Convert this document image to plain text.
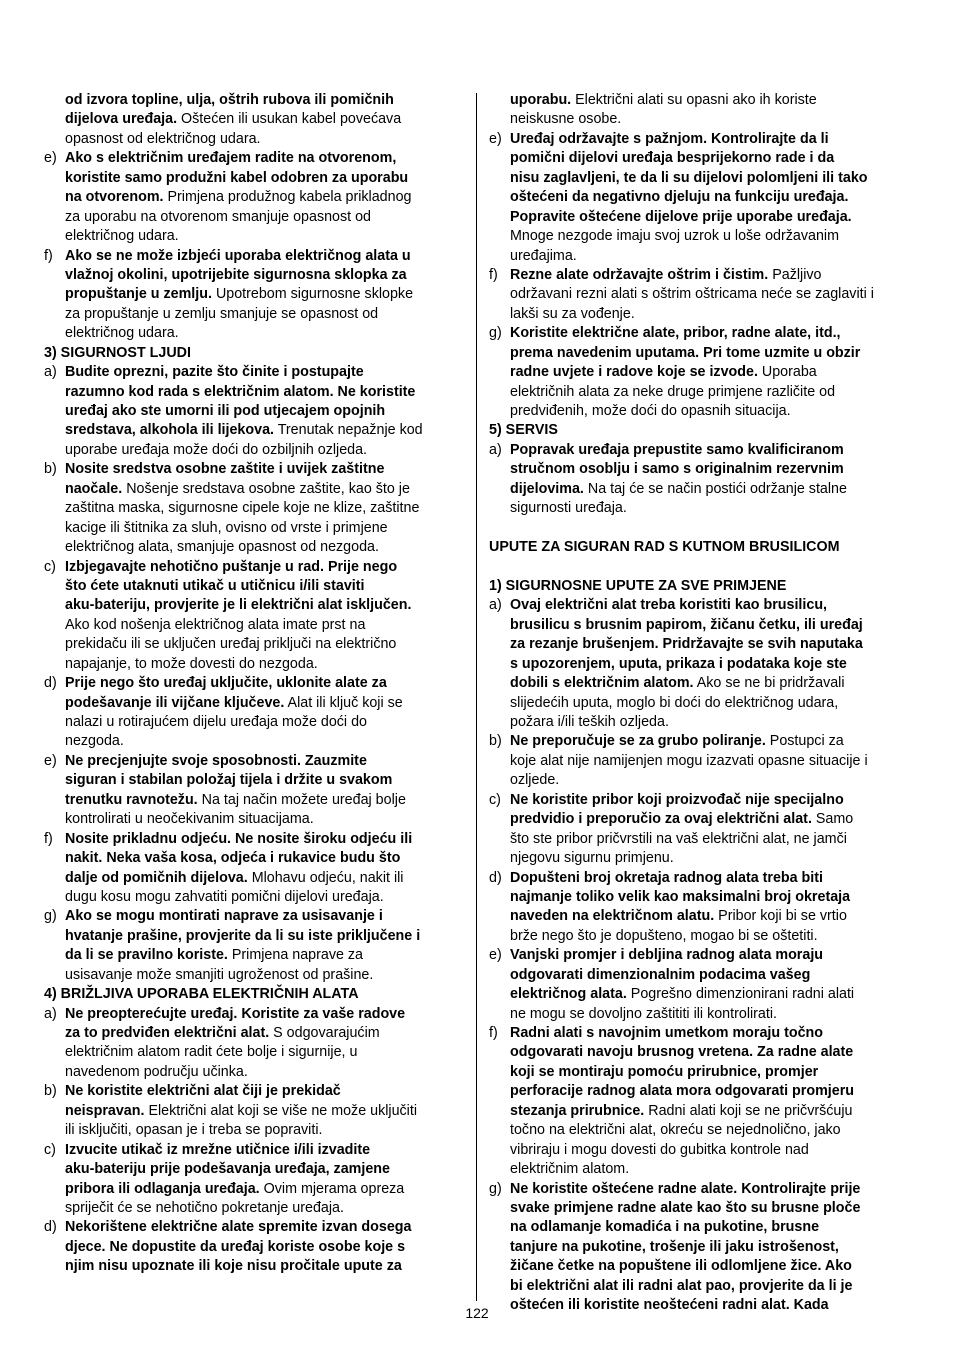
od izvora topline, ulja, oštrih rubova ili pomičnih
dijelova uređaja. Oštećen ili usukan kabel povećava
opasnost od električnog udara.
e) Ako s električnim uređajem radite na otvorenom,
koristite samo produžni kabel odobren za uporabu
na otvorenom. Primjena produžnog kabela prikladnog
za uporabu na otvorenom smanjuje opasnost od
električnog udara.
f) Ako se ne može izbjeći uporaba električnog alata u
vlažnoj okolini, upotrijebite sigurnosna sklopka za
propuštanje u zemlju. Upotrebom sigurnosne sklopke
za propuštanje u zemlju smanjuje se opasnost od
električnog udara.
3) SIGURNOST LJUDI
a) Budite oprezni, pazite što činite i postupajte
razumno kod rada s električnim alatom. Ne koristite
uređaj ako ste umorni ili pod utjecajem opojnih
sredstava, alkohola ili lijekova. Trenutak nepažnje kod
uporabe uređaja može doći do ozbiljnih ozljeda.
b) Nosite sredstva osobne zaštite i uvijek zaštitne
naočale. Nošenje sredstava osobne zaštite, kao što je
zaštitna maska, sigurnosne cipele koje ne klize, zaštitne
kacige ili štitnika za sluh, ovisno od vrste i primjene
električnog alata, smanjuje opasnost od nezgoda.
c) Izbjegavajte nehotično puštanje u rad. Prije nego
što ćete utaknuti utikač u utičnicu i/ili staviti
aku-bateriju, provjerite je li električni alat isključen.
Ako kod nošenja električnog alata imate prst na
prekidaču ili se uključen uređaj priključi na električno
napajanje, to može dovesti do nezgoda.
d) Prije nego što uređaj uključite, uklonite alate za
podešavanje ili vijčane ključeve. Alat ili ključ koji se
nalazi u rotirajućem dijelu uređaja može doći do
nezgoda.
e) Ne precjenjujte svoje sposobnosti. Zauzmite
siguran i stabilan položaj tijela i držite u svakom
trenutku ravnotežu. Na taj način možete uređaj bolje
kontrolirati u neočekivanim situacijama.
f) Nosite prikladnu odjeću. Ne nosite široku odjeću ili
nakit. Neka vaša kosa, odjeća i rukavice budu što
dalje od pomičnih dijelova. Mlohavu odjeću, nakit ili
dugu kosu mogu zahvatiti pomični dijelovi uređaja.
g) Ako se mogu montirati naprave za usisavanje i
hvatanje prašine, provjerite da li su iste priključene i
da li se pravilno koriste. Primjena naprave za
usisavanje može smanjiti ugroženost od prašine.
4) BRIŽLJIVA UPORABA ELEKTRIČNIH ALATA
a) Ne preopterećujte uređaj. Koristite za vaše radove
za to predviđen električni alat. S odgovarajućim
električnim alatom radit ćete bolje i sigurnije, u
navedenom području učinka.
b) Ne koristite električni alat čiji je prekidač
neispravan. Električni alat koji se više ne može uključiti
ili isključiti, opasan je i treba se popraviti.
c) Izvucite utikač iz mrežne utičnice i/ili izvadite
aku-bateriju prije podešavanja uređaja, zamjene
pribora ili odlaganja uređaja. Ovim mjerama opreza
spriječit će se nehotično pokretanje uređaja.
d) Nekorištene električne alate spremite izvan dosega
djece. Ne dopustite da uređaj koriste osobe koje s
njim nisu upoznate ili koje nisu pročitale upute za
uporabu. Električni alati su opasni ako ih koriste
neiskusne osobe.
e) Uređaj održavajte s pažnjom. Kontrolirajte da li
pomični dijelovi uređaja besprijekorno rade i da
nisu zaglavljeni, te da li su dijelovi polomljeni ili tako
oštećeni da negativno djeluju na funkciju uređaja.
Popravite oštećene dijelove prije uporabe uređaja.
Mnoge nezgode imaju svoj uzrok u loše održavanim
uređajima.
f) Rezne alate održavajte oštrim i čistim. Pažljivo
održavani rezni alati s oštrim oštricama neće se zaglaviti i
lakši su za vođenje.
g) Koristite električne alate, pribor, radne alate, itd.,
prema navedenim uputama. Pri tome uzmite u obzir
radne uvjete i radove koje se izvode. Uporaba
električnih alata za neke druge primjene različite od
predviđenih, može doći do opasnih situacija.
5) SERVIS
a) Popravak uređaja prepustite samo kvalificiranom
stručnom osoblju i samo s originalnim rezervnim
dijelovima. Na taj će se način postići održanje stalne
sigurnosti uređaja.
UPUTE ZA SIGURAN RAD S KUTNOM BRUSILICOM
1) SIGURNOSNE UPUTE ZA SVE PRIMJENE
a) Ovaj električni alat treba koristiti kao brusilicu,
brusilicu s brusnim papirom, žičanu četku, ili uređaj
za rezanje brušenjem. Pridržavajte se svih naputaka
s upozorenjem, uputa, prikaza i podataka koje ste
dobili s električnim alatom. Ako se ne bi pridržavali
slijedećih uputa, moglo bi doći do električnog udara,
požara i/ili teških ozljeda.
b) Ne preporučuje se za grubo poliranje. Postupci za
koje alat nije namijenjen mogu izazvati opasne situacije i
ozljede.
c) Ne koristite pribor koji proizvođač nije specijalno
predvidio i preporučio za ovaj električni alat. Samo
što ste pribor pričvrstili na vaš električni alat, ne jamči
njegovu sigurnu primjenu.
d) Dopušteni broj okretaja radnog alata treba biti
najmanje toliko velik kao maksimalni broj okretaja
naveden na električnom alatu. Pribor koji bi se vrtio
brže nego što je dopušteno, mogao bi se oštetiti.
e) Vanjski promjer i debljina radnog alata moraju
odgovarati dimenzionalnim podacima vašeg
električnog alata. Pogrešno dimenzionirani radni alati
ne mogu se dovoljno zaštititi ili kontrolirati.
f) Radni alati s navojnim umetkom moraju točno
odgovarati navoju brusnog vretena. Za radne alate
koji se montiraju pomoću prirubnice, promjer
perforacije radnog alata mora odgovarati promjeru
stezanja prirubnice. Radni alati koji se ne pričvršćuju
točno na električni alat, okreću se nejednolično, jako
vibriraju i mogu dovesti do gubitka kontrole nad
električnim alatom.
g) Ne koristite oštećene radne alate. Kontrolirajte prije
svake primjene radne alate kao što su brusne ploče
na odlamanje komadića i na pukotine, brusne
tanjure na pukotine, trošenje ili jaku istrošenost,
žičane četke na popuštene ili odlomljene žice. Ako
bi električni alat ili radni alat pao, provjerite da li je
oštećen ili koristite neoštećeni radni alat. Kada
122
